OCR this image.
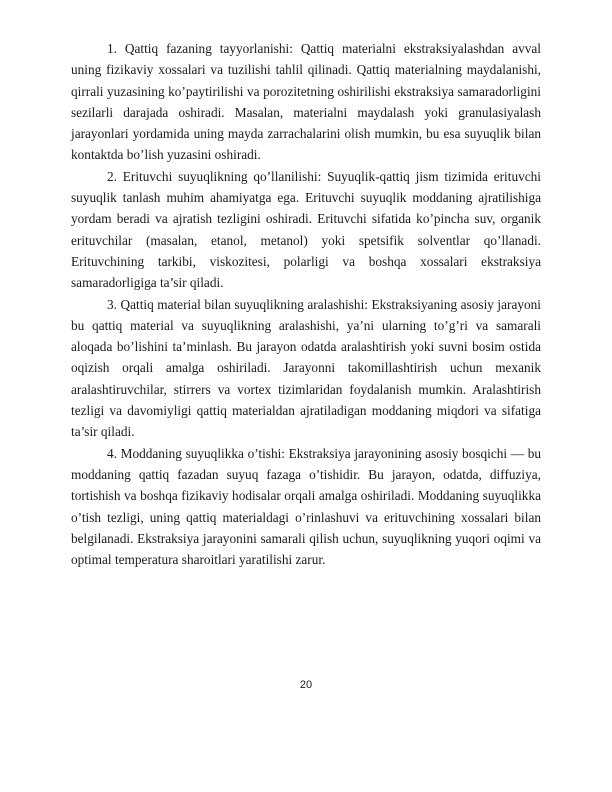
1. Qattiq fazaning tayyorlanishi: Qattiq materialni ekstraksiyalashdan avval uning fizikaviy xossalari va tuzilishi tahlil qilinadi. Qattiq materialning maydalanishi, qirrali yuzasining ko’paytirilishi va porozitetning oshirilishi ekstraksiya samaradorligini sezilarli darajada oshiradi. Masalan, materialni maydalash yoki granulasiyalash jarayonlari yordamida uning mayda zarrachalarini olish mumkin, bu esa suyuqlik bilan kontaktda bo’lish yuzasini oshiradi.

2. Erituvchi suyuqlikning qo’llanilishi: Suyuqlik-qattiq jism tizimida erituvchi suyuqlik tanlash muhim ahamiyatga ega. Erituvchi suyuqlik moddaning ajratilishiga yordam beradi va ajratish tezligini oshiradi. Erituvchi sifatida ko’pincha suv, organik erituvchilar (masalan, etanol, metanol) yoki spetsifik solventlar qo’llanadi. Erituvchining tarkibi, viskozitesi, polarligi va boshqa xossalari ekstraksiya samaradorligiga ta’sir qiladi.

3. Qattiq material bilan suyuqlikning aralashishi: Ekstraksiyaning asosiy jarayoni bu qattiq material va suyuqlikning aralashishi, ya’ni ularning to’g’ri va samarali aloqada bo’lishini ta’minlash. Bu jarayon odatda aralashtirish yoki suvni bosim ostida oqizish orqali amalga oshiriladi. Jarayonni takomillashtirish uchun mexanik aralashtiruvchilar, stirrers va vortex tizimlaridan foydalanish mumkin. Aralashtirish tezligi va davomiyligi qattiq materialdan ajratiladigan moddaning miqdori va sifatiga ta’sir qiladi.

4. Moddaning suyuqlikka o’tishi: Ekstraksiya jarayonining asosiy bosqichi — bu moddaning qattiq fazadan suyuq fazaga o’tishidir. Bu jarayon, odatda, diffuziya, tortishish va boshqa fizikaviy hodisalar orqali amalga oshiriladi. Moddaning suyuqlikka o’tish tezligi, uning qattiq materialdagi o’rinlashuvi va erituvchining xossalari bilan belgilanadi. Ekstraksiya jarayonini samarali qilish uchun, suyuqlikning yuqori oqimi va optimal temperatura sharoitlari yaratilishi zarur.

20
